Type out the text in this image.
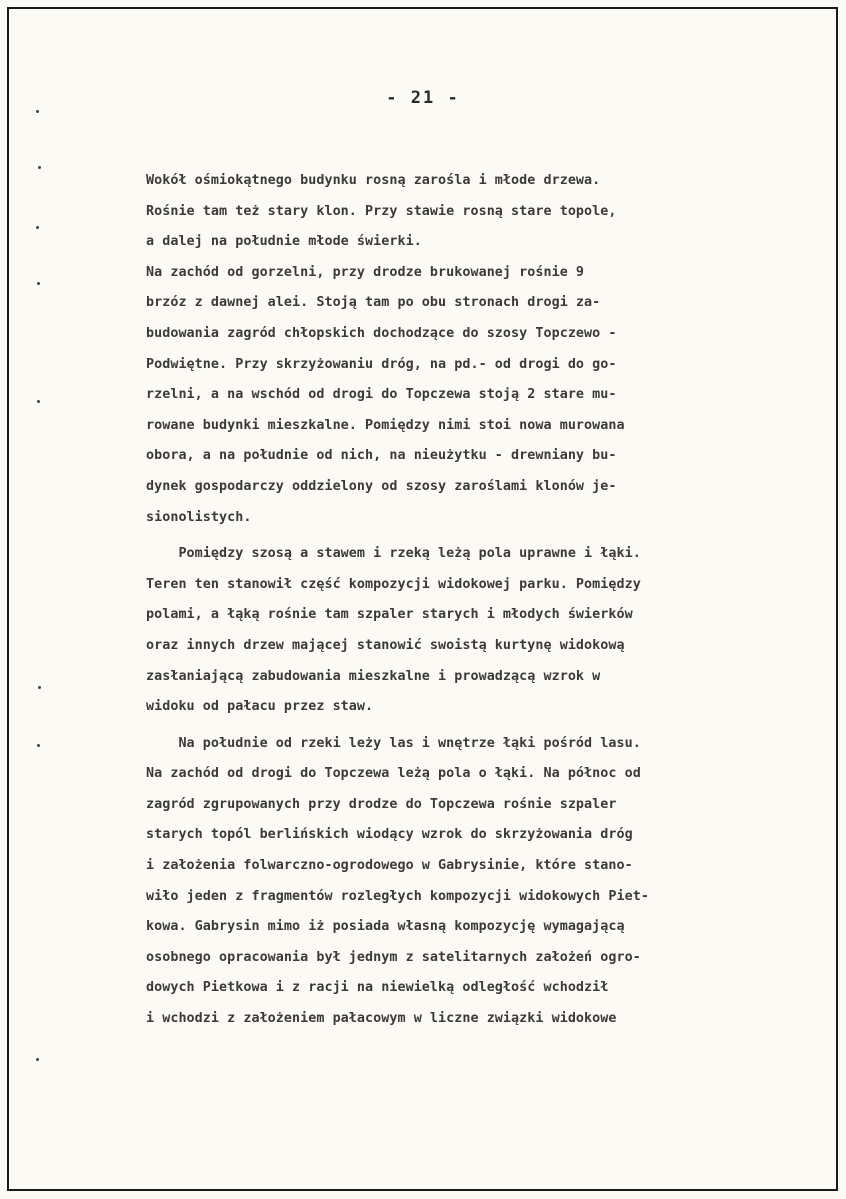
- 21 -
Wokół ośmiokątnego budynku rosną zarośla i młode drzewa.
Rośnie tam też stary klon. Przy stawie rosną stare topole,
a dalej na południe młode świerki.
Na zachód od gorzelni, przy drodze brukowanej rośnie 9
brzóz z dawnej alei. Stoją tam po obu stronach drogi za-
budowania zagród chłopskich dochodzące do szosy Topczewo -
Podwiętne. Przy skrzyżowaniu dróg, na pd.- od drogi do go-
rzelni, a na wschód od drogi do Topczewa stoją 2 stare mu-
rowane budynki mieszkalne. Pomiędzy nimi stoi nowa murowana
obora, a na południe od nich, na nieużytku - drewniany bu-
dynek gospodarczy oddzielony od szosy zaroślami klonów je-
sionolistych.
Pomiędzy szosą a stawem i rzeką leżą pola uprawne i łąki.
Teren ten stanowił część kompozycji widokowej parku. Pomiędzy
polami, a łąką rośnie tam szpaler starych i młodych świerków
oraz innych drzew mającej stanowić swoistą kurtynę widokową
zasłaniającą zabudowania mieszkalne i prowadzącą wzrok w
widoku od pałacu przez staw.
Na południe od rzeki leży las i wnętrze łąki pośród lasu.
Na zachód od drogi do Topczewa leżą pola o łąki. Na północ od
zagród zgrupowanych przy drodze do Topczewa rośnie szpaler
starych topól berlińskich wiodący wzrok do skrzyżowania dróg
i założenia folwarczno-ogrodowego w Gabrysinie, które stano-
wiło jeden z fragmentów rozległych kompozycji widokowych Piet-
kowa. Gabrysin mimo iż posiada własną kompozycję wymagającą
osobnego opracowania był jednym z satelitarnych założeń ogro-
dowych Pietkowa i z racji na niewielką odległość wchodził
i wchodzi z założeniem pałacowym w liczne związki widokowe
